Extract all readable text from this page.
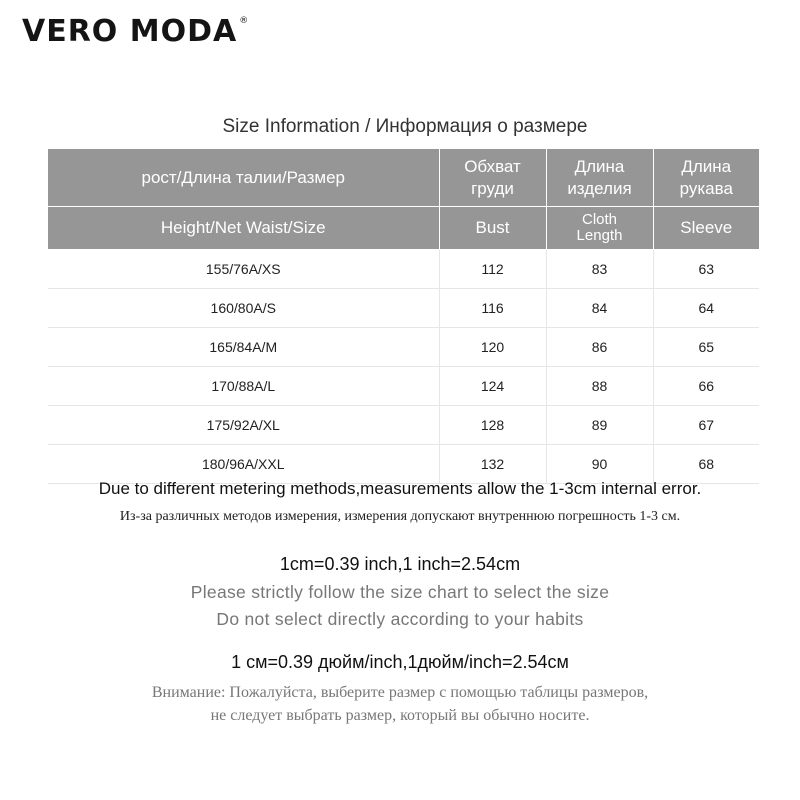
VERO MODA ®
Size Information / Информация о размере
рост/Длина талии/Размер	Обхват груди	Длина изделия	Длина рукава
Height/Net Waist/Size	Bust	Cloth Length	Sleeve
155/76A/XS	112	83	63
160/80A/S	116	84	64
165/84A/M	120	86	65
170/88A/L	124	88	66
175/92A/XL	128	89	67
180/96A/XXL	132	90	68
Due to different metering methods,measurements allow the 1-3cm internal error.
Из-за различных методов измерения, измерения допускают внутреннюю погрешность 1-3 см.
1cm=0.39 inch,1 inch=2.54cm
Please strictly follow the size chart to select the size
Do not select directly according to your habits
1 см=0.39 дюйм/inch,1дюйм/inch=2.54см
Внимание: Пожалуйста, выберите размер с помощью таблицы размеров,
не следует выбрать размер, который вы обычно носите.
